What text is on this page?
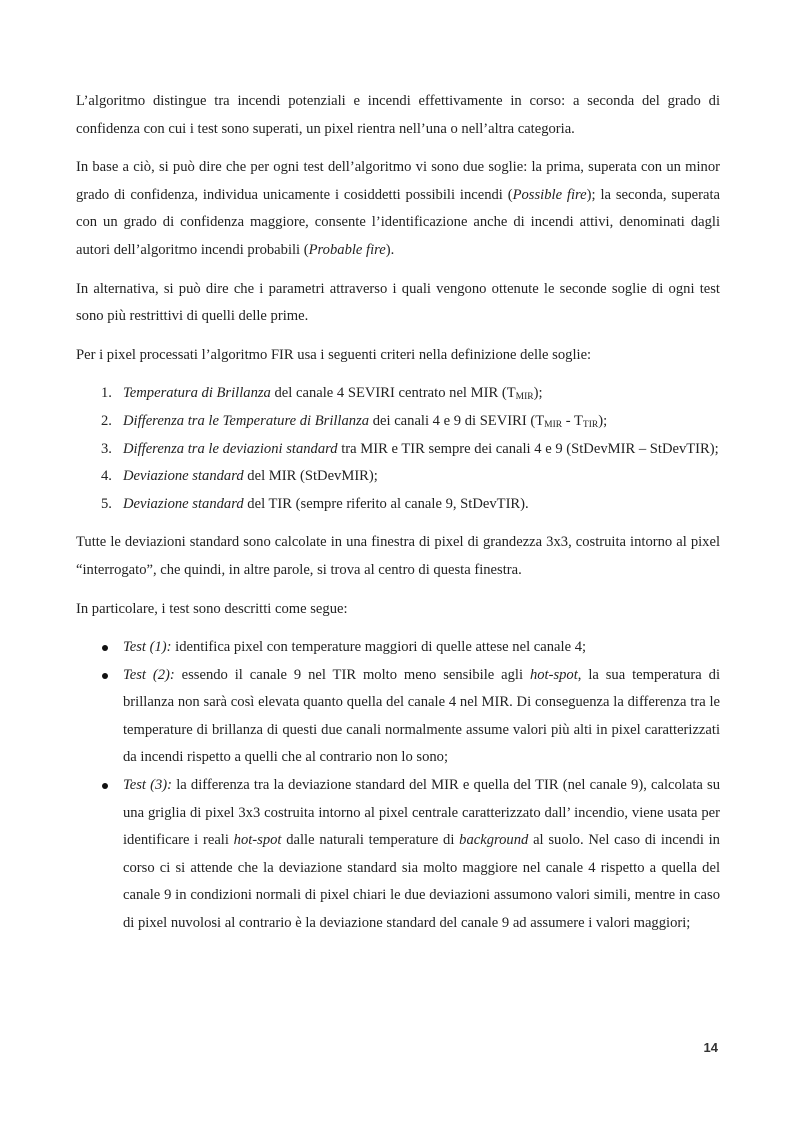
L’algoritmo distingue tra incendi potenziali e incendi effettivamente in corso: a seconda del grado di confidenza con cui i test sono superati, un pixel rientra nell’una o nell’altra categoria.

In base a ciò, si può dire che per ogni test dell’algoritmo vi sono due soglie: la prima, superata con un minor grado di confidenza, individua unicamente i cosiddetti possibili incendi (Possible fire); la seconda, superata con un grado di confidenza maggiore, consente l’identificazione anche di incendi attivi, denominati dagli autori dell’algoritmo incendi probabili (Probable fire).

In alternativa, si può dire che i parametri attraverso i quali vengono ottenute le seconde soglie di ogni test sono più restrittivi di quelli delle prime.

Per i pixel processati l’algoritmo FIR usa i seguenti criteri nella definizione delle soglie:

1. Temperatura di Brillanza del canale 4 SEVIRI centrato nel MIR $(T_{MIR})$;
2. Differenza tra le Temperature di Brillanza dei canali 4 e 9 di SEVIRI $(T_{MIR} - T_{TIR})$;
3. Differenza tra le deviazioni standard tra MIR e TIR sempre dei canali 4 e 9 (StDevMIR – StDevTIR);
4. Deviazione standard del MIR (StDevMIR);
5. Deviazione standard del TIR (sempre riferito al canale 9, StDevTIR).

Tutte le deviazioni standard sono calcolate in una finestra di pixel di grandezza 3x3, costruita intorno al pixel “interrogato”, che quindi, in altre parole, si trova al centro di questa finestra.

In particolare, i test sono descritti come segue:

Test (1): identifica pixel con temperature maggiori di quelle attese nel canale 4;
Test (2): essendo il canale 9 nel TIR molto meno sensibile agli hot-spot, la sua temperatura di brillanza non sarà così elevata quanto quella del canale 4 nel MIR. Di conseguenza la differenza tra le temperature di brillanza di questi due canali normalmente assume valori più alti in pixel caratterizzati da incendi rispetto a quelli che al contrario non lo sono;
Test (3): la differenza tra la deviazione standard del MIR e quella del TIR (nel canale 9), calcolata su una griglia di pixel 3x3 costruita intorno al pixel centrale caratterizzato dall’ incendio, viene usata per identificare i reali hot-spot dalle naturali temperature di background al suolo. Nel caso di incendi in corso ci si attende che la deviazione standard sia molto maggiore nel canale 4 rispetto a quella del canale 9 in condizioni normali di pixel chiari le due deviazioni assumono valori simili, mentre in caso di pixel nuvolosi al contrario è la deviazione standard del canale 9 ad assumere i valori maggiori;
14
